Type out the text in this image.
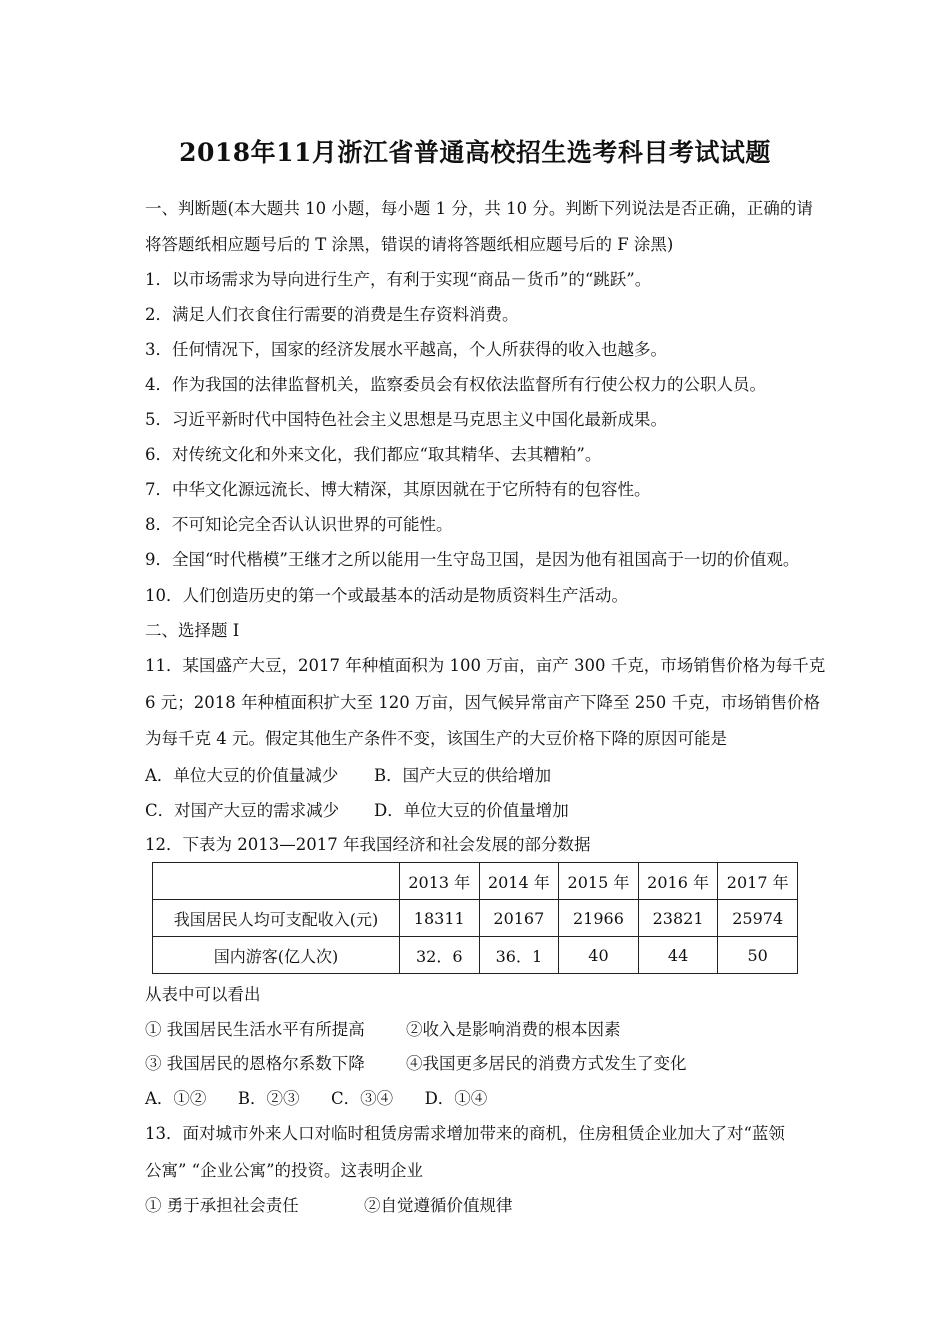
2018年11月浙江省普通高校招生选考科目考试试题
一、判断题(本大题共 10 小题，每小题 1 分，共 10 分。判断下列说法是否正确，正确的请
将答题纸相应题号后的 T 涂黑，错误的请将答题纸相应题号后的 F 涂黑)
1．以市场需求为导向进行生产，有利于实现“商品－货币”的“跳跃”。
2．满足人们衣食住行需要的消费是生存资料消费。
3．任何情况下，国家的经济发展水平越高，个人所获得的收入也越多。
4．作为我国的法律监督机关，监察委员会有权依法监督所有行使公权力的公职人员。
5．习近平新时代中国特色社会主义思想是马克思主义中国化最新成果。
6．对传统文化和外来文化，我们都应“取其精华、去其糟粕”。
7．中华文化源远流长、博大精深，其原因就在于它所特有的包容性。
8．不可知论完全否认认识世界的可能性。
9．全国“时代楷模”王继才之所以能用一生守岛卫国，是因为他有祖国高于一切的价值观。
10．人们创造历史的第一个或最基本的活动是物质资料生产活动。
二、选择题 I
11．某国盛产大豆，2017 年种植面积为 100 万亩，亩产 300 千克，市场销售价格为每千克
6 元；2018 年种植面积扩大至 120 万亩，因气候异常亩产下降至 250 千克，市场销售价格
为每千克 4 元。假定其他生产条件不变，该国生产的大豆价格下降的原因可能是
A．单位大豆的价值量减少 B．国产大豆的供给增加
C．对国产大豆的需求减少 D．单位大豆的价值量增加
12．下表为 2013—2017 年我国经济和社会发展的部分数据
	2013 年	2014 年	2015 年	2016 年	2017 年
我国居民人均可支配收入(元)	18311	20167	21966	23821	25974
国内游客(亿人次)	32．6	36．1	40	44	50
从表中可以看出
① 我国居民生活水平有所提高	②收入是影响消费的根本因素
③ 我国居民的恩格尔系数下降	④我国更多居民的消费方式发生了变化
A．①②      B．②③      C．③④      D．①④
13．面对城市外来人口对临时租赁房需求增加带来的商机，住房租赁企业加大了对“蓝领
公寓” “企业公寓”的投资。这表明企业
① 勇于承担社会责任	②自觉遵循价值规律
